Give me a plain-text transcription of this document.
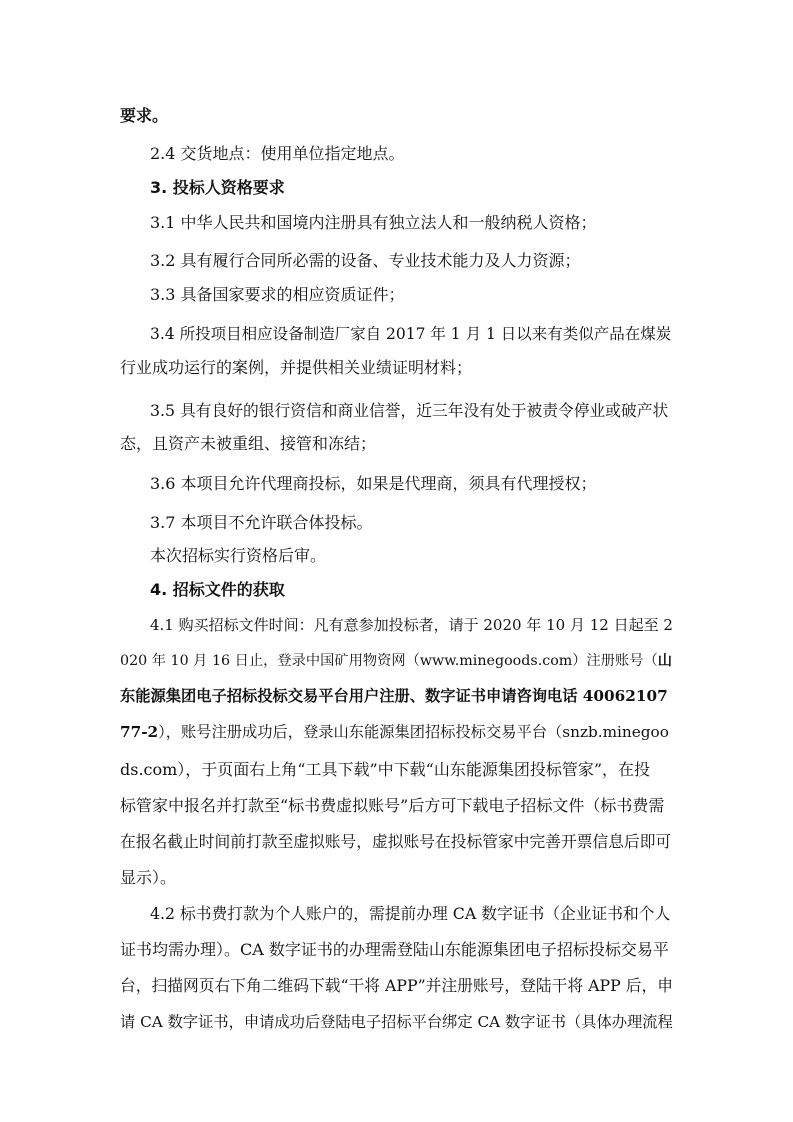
要求。
2.4 交货地点：使用单位指定地点。
3. 投标人资格要求
3.1 中华人民共和国境内注册具有独立法人和一般纳税人资格；
3.2 具有履行合同所必需的设备、专业技术能力及人力资源；
3.3 具备国家要求的相应资质证件；
3.4 所投项目相应设备制造厂家自 2017 年 1 月 1 日以来有类似产品在煤炭
行业成功运行的案例，并提供相关业绩证明材料；
3.5 具有良好的银行资信和商业信誉，近三年没有处于被责令停业或破产状
态，且资产未被重组、接管和冻结；
3.6 本项目允许代理商投标，如果是代理商，须具有代理授权；
3.7 本项目不允许联合体投标。
本次招标实行资格后审。
4. 招标文件的获取
4.1 购买招标文件时间：凡有意参加投标者，请于 2020 年 10 月 12 日起至 2
020 年 10 月 16 日止，登录中国矿用物资网（www.minegoods.com）注册账号（山
东能源集团电子招标投标交易平台用户注册、数字证书申请咨询电话 40062107
77-2），账号注册成功后，登录山东能源集团招标投标交易平台（snzb.minegoo
ds.com），于页面右上角“工具下载”中下载“山东能源集团投标管家”，在投
标管家中报名并打款至“标书费虚拟账号”后方可下载电子招标文件（标书费需
在报名截止时间前打款至虚拟账号，虚拟账号在投标管家中完善开票信息后即可
显示）。
4.2 标书费打款为个人账户的，需提前办理 CA 数字证书（企业证书和个人
证书均需办理）。CA 数字证书的办理需登陆山东能源集团电子招标投标交易平
台，扫描网页右下角二维码下载“干将 APP”并注册账号，登陆干将 APP 后，申
请 CA 数字证书，申请成功后登陆电子招标平台绑定 CA 数字证书（具体办理流程
